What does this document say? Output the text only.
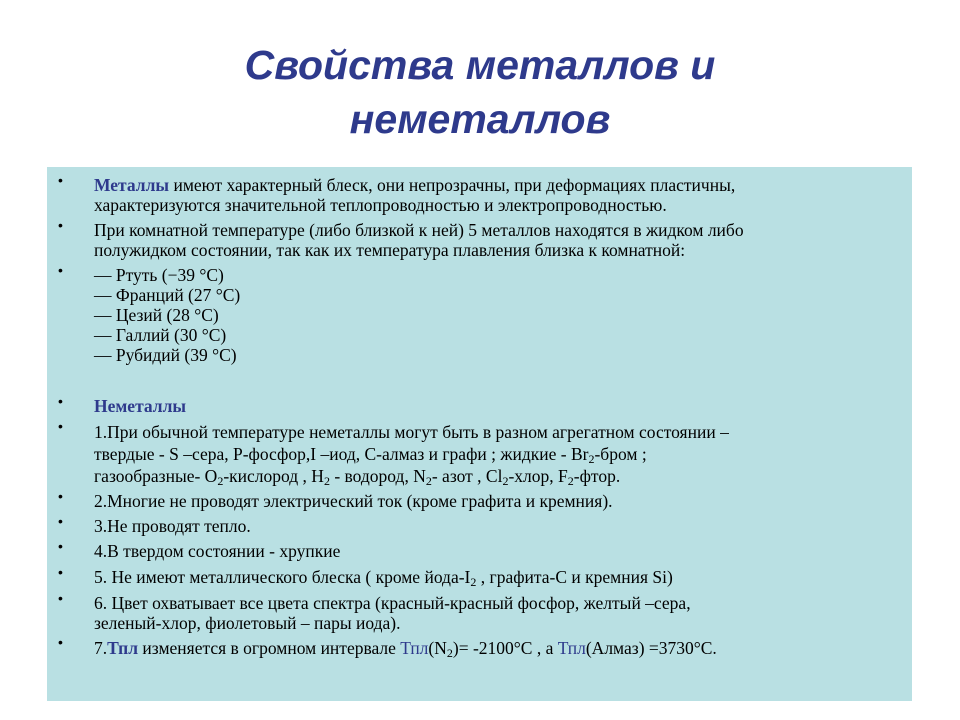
Свойства металлов и
неметаллов
• Металлы имеют характерный блеск, они непрозрачны, при деформациях пластичны,
характеризуются значительной теплопроводностью и электропроводностью.
• При комнатной температуре (либо близкой к ней) 5 металлов находятся в жидком либо
полужидком состоянии, так как их температура плавления близка к комнатной:
• — Ртуть (−39 °C)
— Франций (27 °C)
— Цезий (28 °C)
— Галлий (30 °C)
— Рубидий (39 °C)
• Неметаллы
• 1.При обычной температуре неметаллы могут быть в разном агрегатном состоянии –
твердые - S –сера, P-фосфор,I –иод, C-алмаз и графи ; жидкие - $Br_2$-бром ;
газообразные- $O_2$-кислород , $H_2$ - водород, $N_2-$ азот , $Cl_2$-хлор, $F_2$-фтор.
• 2.Многие не проводят электрический ток (кроме графита и кремния).
• 3.Не проводят тепло.
• 4.В твердом состоянии - хрупкие
• 5. Не имеют металлического блеска ( кроме йода-$I_2$ , графита-С и кремния Si)
• 6. Цвет охватывает все цвета спектра (красный-красный фосфор, желтый –сера,
зеленый-хлор, фиолетовый – пары иода).
• 7.Тпл изменяется в огромном интервале $Тпл(N_2)= -2100^\circ C$ , а Тпл(Алмаз) =3730°C.
